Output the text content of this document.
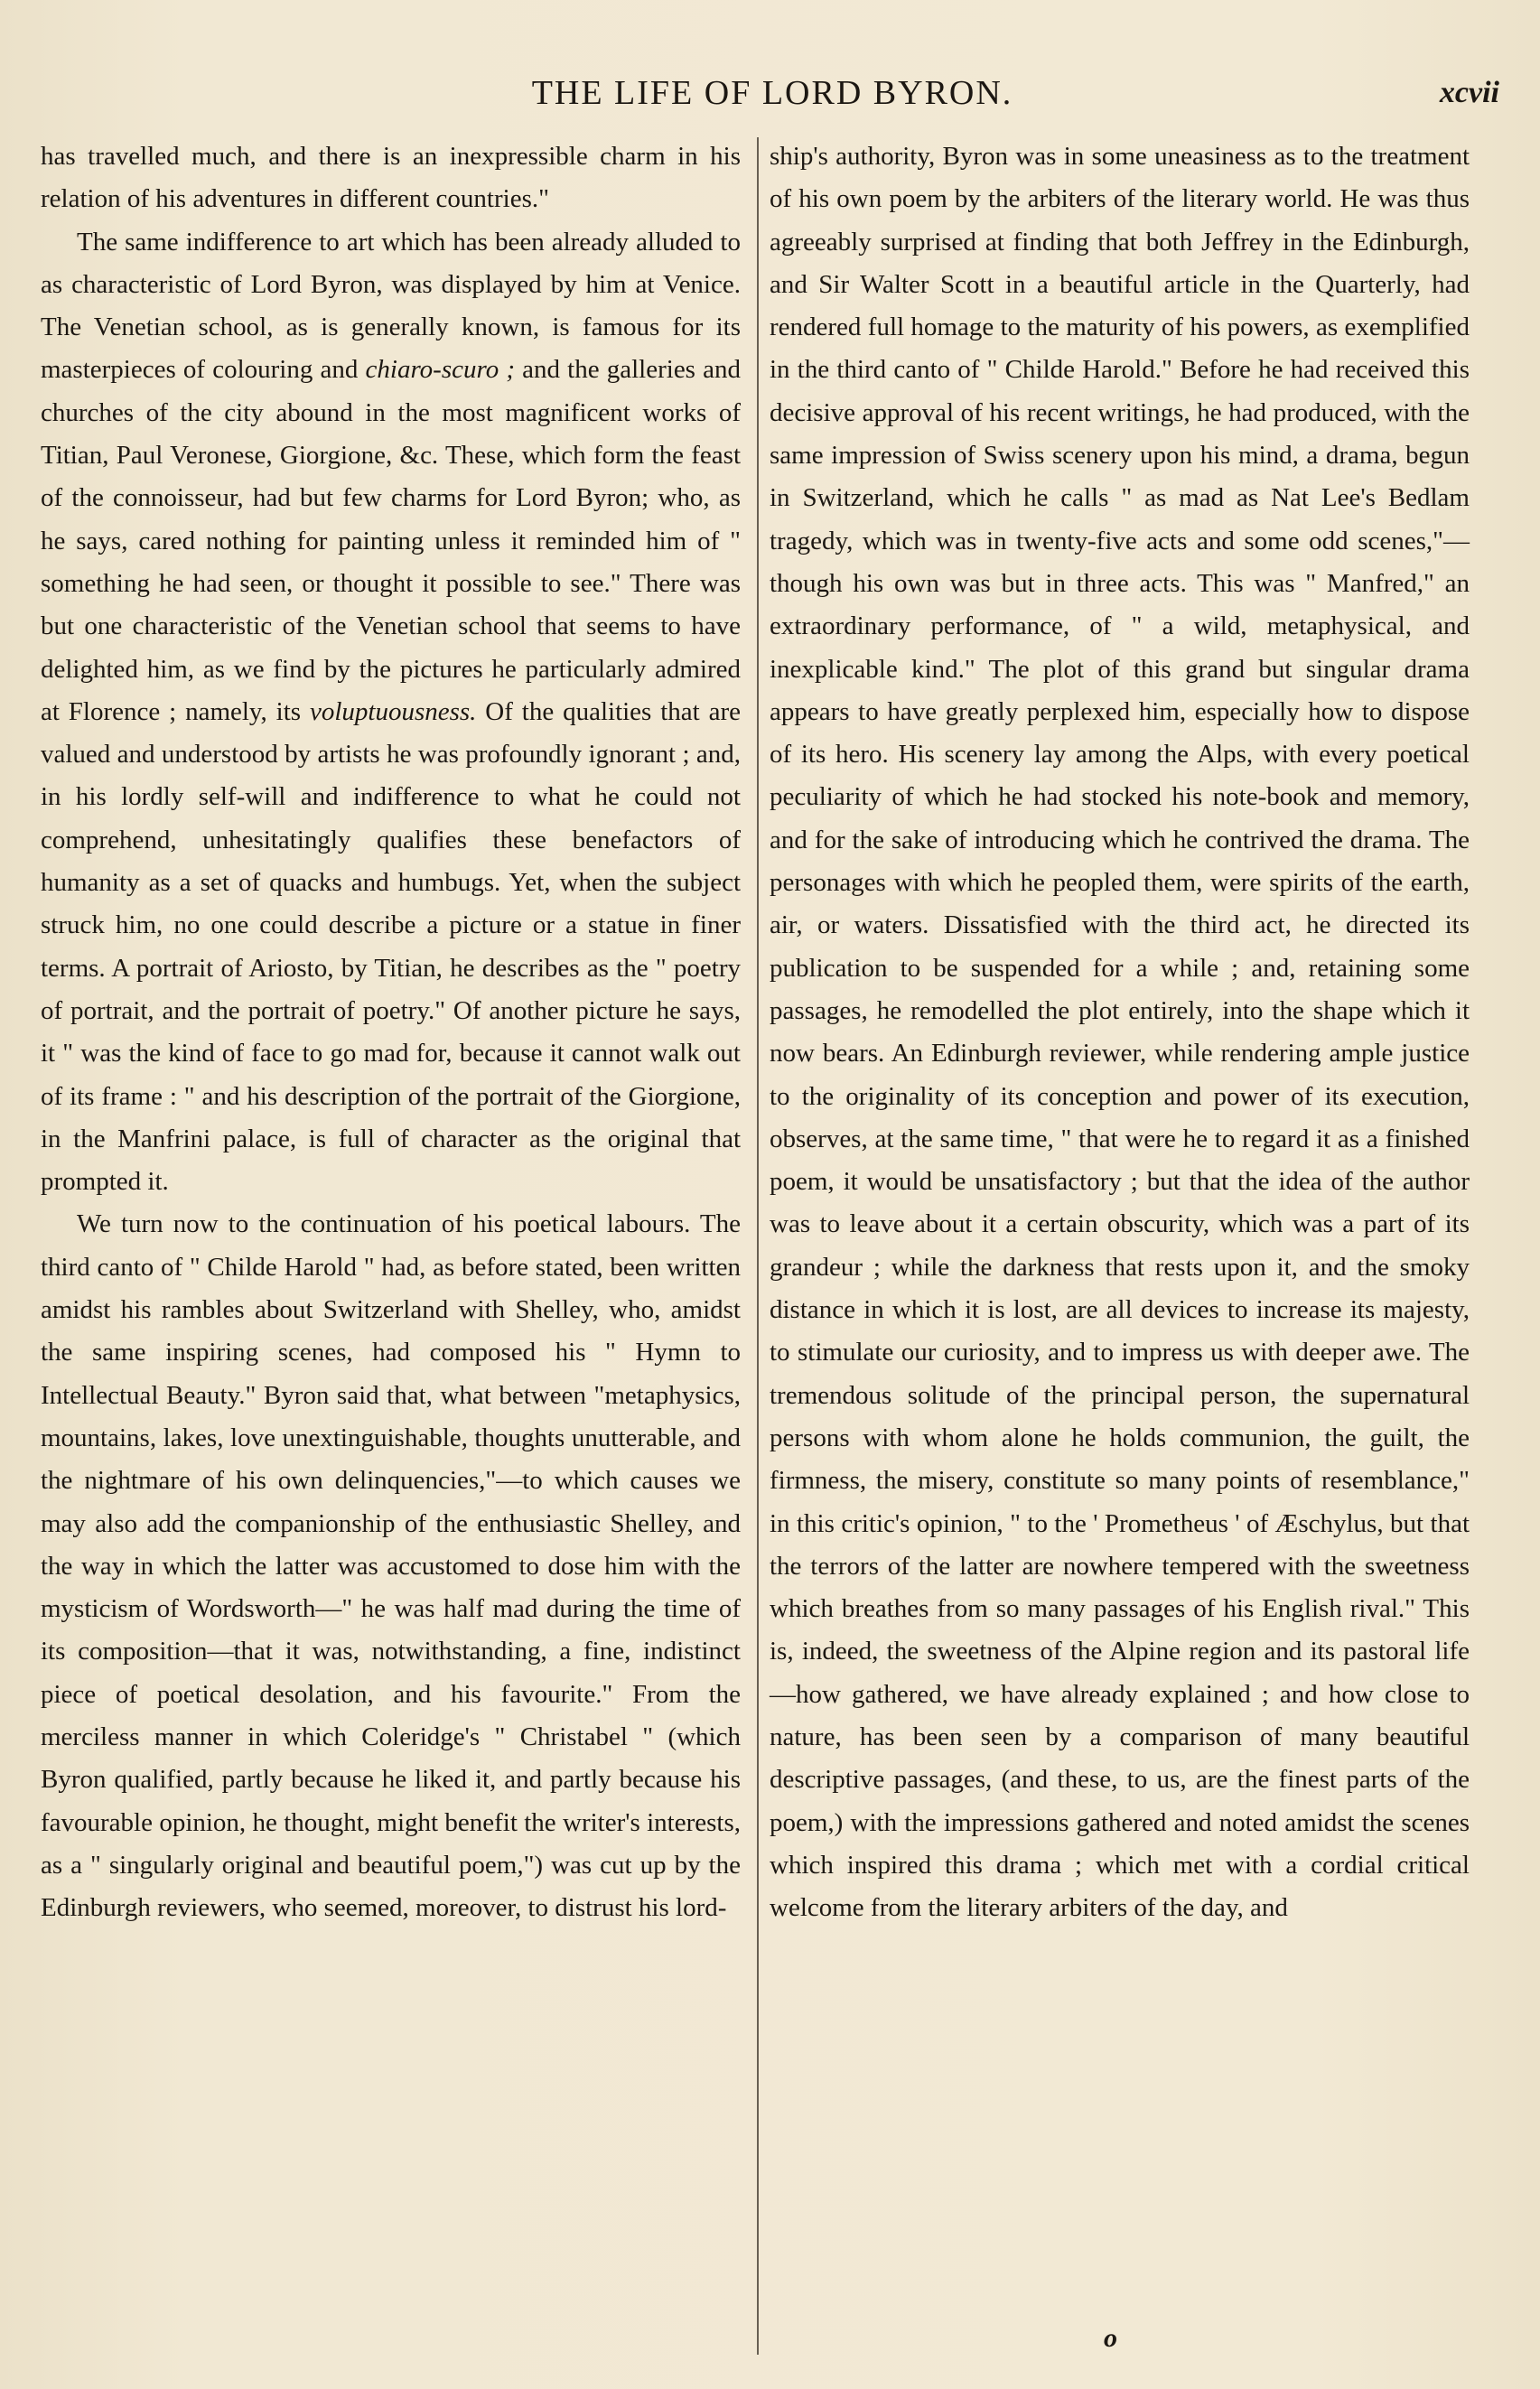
THE LIFE OF LORD BYRON.	xcvii

has travelled much, and there is an inexpressible charm in his relation of his adventures in different countries."

The same indifference to art which has been already alluded to as characteristic of Lord Byron, was displayed by him at Venice. The Venetian school, as is generally known, is famous for its masterpieces of colouring and chiaro-scuro ; and the galleries and churches of the city abound in the most magnificent works of Titian, Paul Veronese, Giorgione, &c. These, which form the feast of the connoisseur, had but few charms for Lord Byron; who, as he says, cared nothing for painting unless it reminded him of " something he had seen, or thought it possible to see." There was but one characteristic of the Venetian school that seems to have delighted him, as we find by the pictures he particularly admired at Florence ; namely, its voluptuousness. Of the qualities that are valued and understood by artists he was profoundly ignorant ; and, in his lordly self-will and indifference to what he could not comprehend, unhesitatingly qualifies these benefactors of humanity as a set of quacks and humbugs. Yet, when the subject struck him, no one could describe a picture or a statue in finer terms. A portrait of Ariosto, by Titian, he describes as the " poetry of portrait, and the portrait of poetry." Of another picture he says, it " was the kind of face to go mad for, because it cannot walk out of its frame : " and his description of the portrait of the Giorgione, in the Manfrini palace, is full of character as the original that prompted it.

We turn now to the continuation of his poetical labours. The third canto of " Childe Harold " had, as before stated, been written amidst his rambles about Switzerland with Shelley, who, amidst the same inspiring scenes, had composed his " Hymn to Intellectual Beauty." Byron said that, what between "metaphysics, mountains, lakes, love unextinguishable, thoughts unutterable, and the nightmare of his own delinquencies,"—to which causes we may also add the companionship of the enthusiastic Shelley, and the way in which the latter was accustomed to dose him with the mysticism of Wordsworth—" he was half mad during the time of its composition—that it was, notwithstanding, a fine, indistinct piece of poetical desolation, and his favourite." From the merciless manner in which Coleridge's " Christabel " (which Byron qualified, partly because he liked it, and partly because his favourable opinion, he thought, might benefit the writer's interests, as a " singularly original and beautiful poem,") was cut up by the Edinburgh reviewers, who seemed, moreover, to distrust his lord-

ship's authority, Byron was in some uneasiness as to the treatment of his own poem by the arbiters of the literary world. He was thus agreeably surprised at finding that both Jeffrey in the Edinburgh, and Sir Walter Scott in a beautiful article in the Quarterly, had rendered full homage to the maturity of his powers, as exemplified in the third canto of " Childe Harold." Before he had received this decisive approval of his recent writings, he had produced, with the same impression of Swiss scenery upon his mind, a drama, begun in Switzerland, which he calls " as mad as Nat Lee's Bedlam tragedy, which was in twenty-five acts and some odd scenes,"—though his own was but in three acts. This was " Manfred," an extraordinary performance, of " a wild, metaphysical, and inexplicable kind." The plot of this grand but singular drama appears to have greatly perplexed him, especially how to dispose of its hero. His scenery lay among the Alps, with every poetical peculiarity of which he had stocked his note-book and memory, and for the sake of introducing which he contrived the drama. The personages with which he peopled them, were spirits of the earth, air, or waters. Dissatisfied with the third act, he directed its publication to be suspended for a while ; and, retaining some passages, he remodelled the plot entirely, into the shape which it now bears. An Edinburgh reviewer, while rendering ample justice to the originality of its conception and power of its execution, observes, at the same time, " that were he to regard it as a finished poem, it would be unsatisfactory ; but that the idea of the author was to leave about it a certain obscurity, which was a part of its grandeur ; while the darkness that rests upon it, and the smoky distance in which it is lost, are all devices to increase its majesty, to stimulate our curiosity, and to impress us with deeper awe. The tremendous solitude of the principal person, the supernatural persons with whom alone he holds communion, the guilt, the firmness, the misery, constitute so many points of resemblance," in this critic's opinion, " to the ' Prometheus ' of Æschylus, but that the terrors of the latter are nowhere tempered with the sweetness which breathes from so many passages of his English rival." This is, indeed, the sweetness of the Alpine region and its pastoral life—how gathered, we have already explained ; and how close to nature, has been seen by a comparison of many beautiful descriptive passages, (and these, to us, are the finest parts of the poem,) with the impressions gathered and noted amidst the scenes which inspired this drama ; which met with a cordial critical welcome from the literary arbiters of the day, and

o
